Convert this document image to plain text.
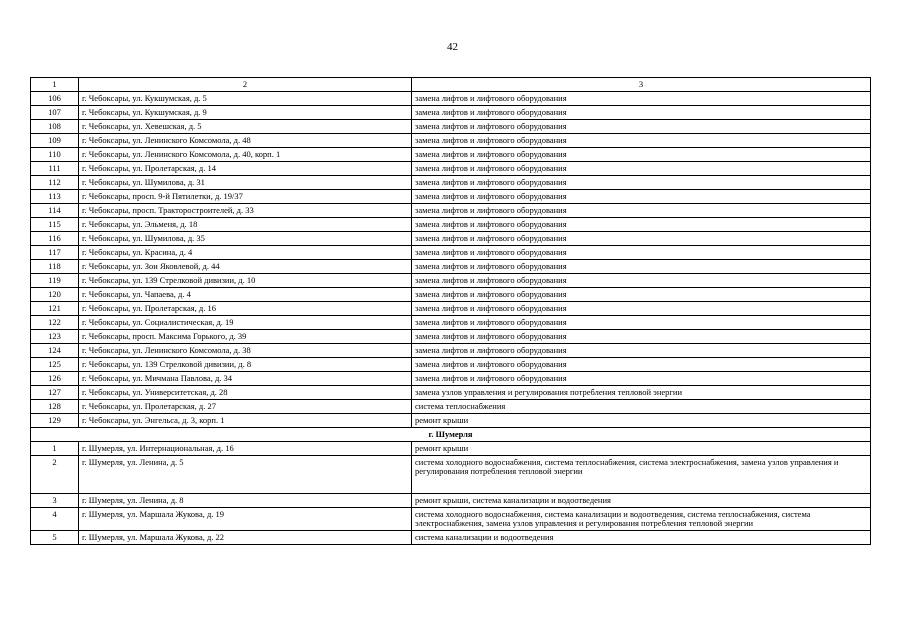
42
1	2	3
106	г. Чебоксары, ул. Кукшумская, д. 5	замена лифтов и лифтового оборудования
107	г. Чебоксары, ул. Кукшумская, д. 9	замена лифтов и лифтового оборудования
108	г. Чебоксары, ул. Хевешская, д. 5	замена лифтов и лифтового оборудования
109	г. Чебоксары, ул. Ленинского Комсомола, д. 48	замена лифтов и лифтового оборудования
110	г. Чебоксары, ул. Ленинского Комсомола, д. 40, корп. 1	замена лифтов и лифтового оборудования
111	г. Чебоксары, ул. Пролетарская, д. 14	замена лифтов и лифтового оборудования
112	г. Чебоксары, ул. Шумилова, д. 31	замена лифтов и лифтового оборудования
113	г. Чебоксары, просп. 9-й Пятилетки, д. 19/37	замена лифтов и лифтового оборудования
114	г. Чебоксары, просп. Тракторостроителей, д. 33	замена лифтов и лифтового оборудования
115	г. Чебоксары, ул. Эльменя, д. 18	замена лифтов и лифтового оборудования
116	г. Чебоксары, ул. Шумилова, д. 35	замена лифтов и лифтового оборудования
117	г. Чебоксары, ул. Красина, д. 4	замена лифтов и лифтового оборудования
118	г. Чебоксары, ул. Зои Яковлевой, д. 44	замена лифтов и лифтового оборудования
119	г. Чебоксары, ул. 139 Стрелковой дивизии, д. 10	замена лифтов и лифтового оборудования
120	г. Чебоксары, ул. Чапаева, д. 4	замена лифтов и лифтового оборудования
121	г. Чебоксары, ул. Пролетарская, д. 16	замена лифтов и лифтового оборудования
122	г. Чебоксары, ул. Социалистическая, д. 19	замена лифтов и лифтового оборудования
123	г. Чебоксары, просп. Максима Горького, д. 39	замена лифтов и лифтового оборудования
124	г. Чебоксары, ул. Ленинского Комсомола, д. 38	замена лифтов и лифтового оборудования
125	г. Чебоксары, ул. 139 Стрелковой дивизии, д. 8	замена лифтов и лифтового оборудования
126	г. Чебоксары, ул. Мичмана Павлова, д. 34	замена лифтов и лифтового оборудования
127	г. Чебоксары, ул. Университетская, д. 28	замена узлов управления и регулирования потребления тепловой энергии
128	г. Чебоксары, ул. Пролетарская, д. 27	система теплоснабжения
129	г. Чебоксары, ул. Энгельса, д. 3, корп. 1	ремонт крыши
г. Шумерля		
1	г. Шумерля, ул. Интернациональная, д. 16	ремонт крыши
2	г. Шумерля, ул. Ленина, д. 5	система холодного водоснабжения, система теплоснабжения, система электроснабжения, замена узлов управления и регулирования потребления тепловой энергии
3	г. Шумерля, ул. Ленина, д. 8	ремонт крыши, система канализации и водоотведения
4	г. Шумерля, ул. Маршала Жукова, д. 19	система холодного водоснабжения, система канализации и водоотведения, система теплоснабжения, система электроснабжения, замена узлов управления и регулирования потребления тепловой энергии
5	г. Шумерля, ул. Маршала Жукова, д. 22	система канализации и водоотведения
